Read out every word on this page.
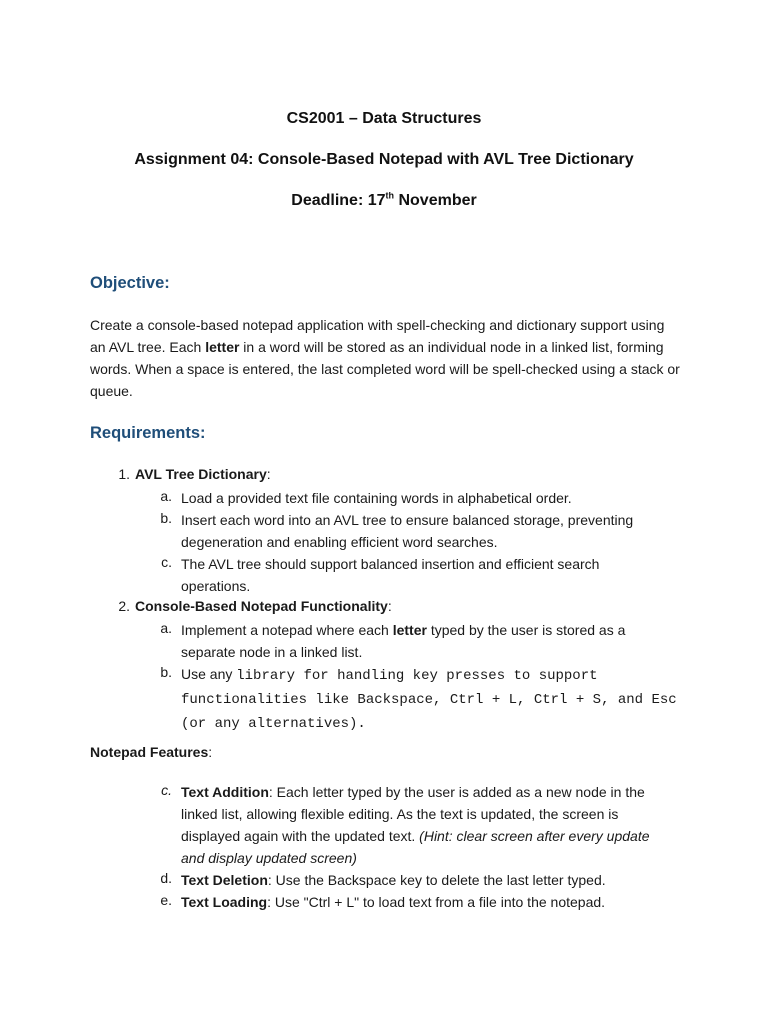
CS2001 – Data Structures
Assignment 04: Console-Based Notepad with AVL Tree Dictionary
Deadline: 17th November
Objective:
Create a console-based notepad application with spell-checking and dictionary support using an AVL tree. Each letter in a word will be stored as an individual node in a linked list, forming words. When a space is entered, the last completed word will be spell-checked using a stack or queue.
Requirements:
1. AVL Tree Dictionary:
a. Load a provided text file containing words in alphabetical order.
b. Insert each word into an AVL tree to ensure balanced storage, preventing degeneration and enabling efficient word searches.
c. The AVL tree should support balanced insertion and efficient search operations.
2. Console-Based Notepad Functionality:
a. Implement a notepad where each letter typed by the user is stored as a separate node in a linked list.
b. Use any library for handling key presses to support functionalities like Backspace, Ctrl + L, Ctrl + S, and Esc (or any alternatives).
Notepad Features:
c. Text Addition: Each letter typed by the user is added as a new node in the linked list, allowing flexible editing. As the text is updated, the screen is displayed again with the updated text. (Hint: clear screen after every update and display updated screen)
d. Text Deletion: Use the Backspace key to delete the last letter typed.
e. Text Loading: Use "Ctrl + L" to load text from a file into the notepad.
